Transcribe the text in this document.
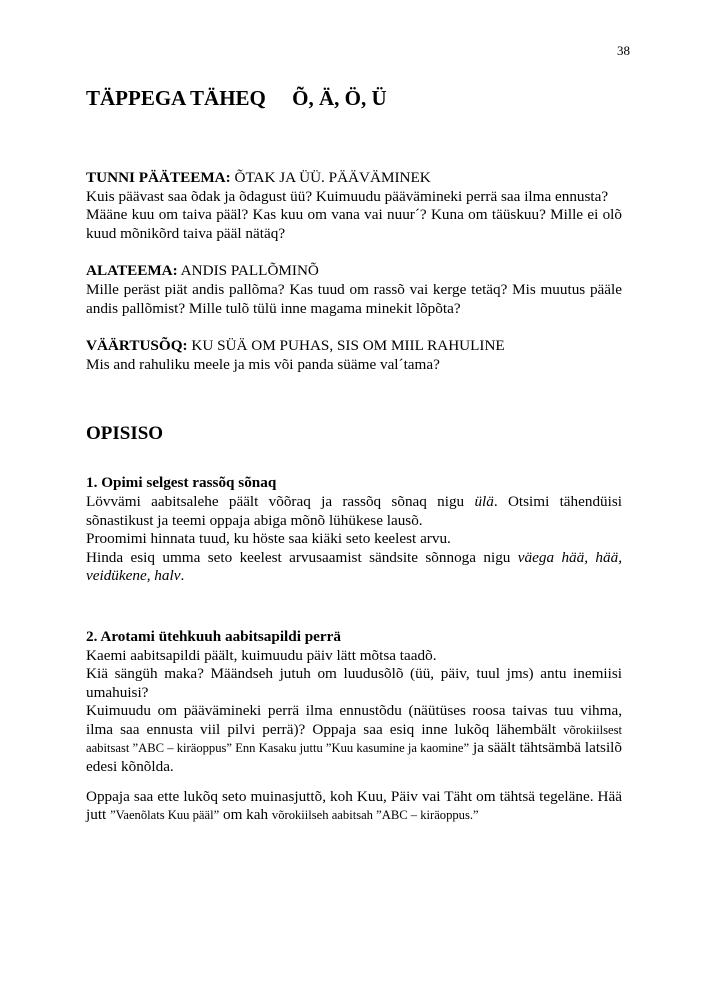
38
TÄPPEGA TÄHEQ     Õ, Ä, Ö, Ü

TUNNI PÄÄTEEMA: ÕTAK JA ÜÜ. PÄÄVÄMINEK

Kuis päävast saa õdak ja õdagust üü? Kuimuudu päävämineki perrä saa ilma ennusta?

Määne kuu om taiva pääl? Kas kuu om vana vai nuur´? Kuna om täüskuu? Mille ei olõ kuud mõnikõrd taiva pääl nätäq?

ALATEEMA: ANDIS PALLÕMINÕ

Mille peräst piät andis pallõma? Kas tuud om rassõ vai kerge tetäq? Mis muutus pääle andis pallõmist? Mille tulõ tülü inne magama minekit lõpõta?

VÄÄRTUSÕQ: KU SÜÄ OM PUHAS, SIS OM MIIL RAHULINE

Mis and rahuliku meele ja mis või panda süäme val´tama?

OPISISO
1. Opimi selgest rassõq sõnaq

Lövvämi aabitsalehe päält võõraq ja rassõq sõnaq nigu ülä. Otsimi tähendüisi sõnastikust ja teemi oppaja abiga mõnõ lühükese lausõ.

Proomimi hinnata tuud, ku höste saa kiäki seto keelest arvu.

Hinda esiq umma seto keelest arvusaamist sändsite sõnnoga nigu väega hää, hää, veidükene, halv.

2. Arotami ütehkuuh aabitsapildi perrä

Kaemi aabitsapildi päält, kuimuudu päiv lätt mõtsa taadõ.

Kiä sängüh maka? Määndseh jutuh om luudusõlõ (üü, päiv, tuul jms) antu inemiisi umahuisi?

Kuimuudu om päävämineki perrä ilma ennustõdu (näütüses roosa taivas tuu vihma, ilma saa ennusta viil pilvi perrä)? Oppaja saa esiq inne lukõq lähembält võrokiilsest aabitsast ”ABC – kiräoppus” Enn Kasaku juttu ”Kuu kasumine ja kaomine” ja säält tähtsämbä latsilõ edesi kõnõlda.

Oppaja saa ette lukõq seto muinasjuttõ, koh Kuu, Päiv vai Täht om tähtsä tegeläne. Hää jutt ”Vaenõlats Kuu pääl” om kah võrokiilseh aabitsah ”ABC – kiräoppus.”
